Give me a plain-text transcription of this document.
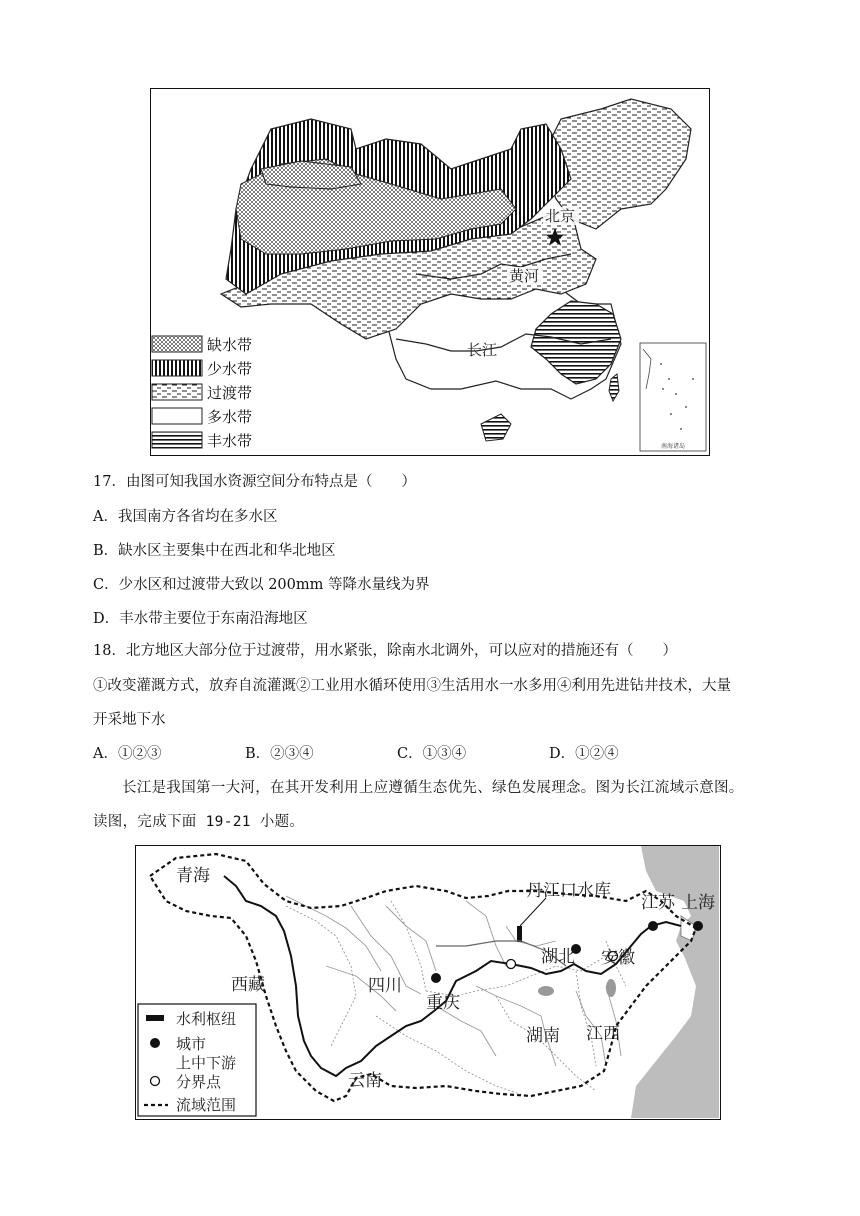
北京
黄河
长江
南海诸岛
缺水带
少水带
过渡带
多水带
丰水带
17．由图可知我国水资源空间分布特点是（　　）
A．我国南方各省均在多水区
B．缺水区主要集中在西北和华北地区
C．少水区和过渡带大致以 200mm 等降水量线为界
D．丰水带主要位于东南沿海地区
18．北方地区大部分位于过渡带，用水紧张，除南水北调外，可以应对的措施还有（　　）
①改变灌溉方式，放弃自流灌溉②工业用水循环使用③生活用水一水多用④利用先进钻井技术，大量
开采地下水
A．①②③	B．②③④	C．①③④	D．①②④
长江是我国第一大河，在其开发利用上应遵循生态优先、绿色发展理念。图为长江流域示意图。
读图，完成下面 19-21 小题。
青海
西藏	四川
重庆
云南
湖北
湖南 江西
安徽
江苏 上海
丹江口水库
水利枢纽
城市
上中下游
分界点
流域范围
